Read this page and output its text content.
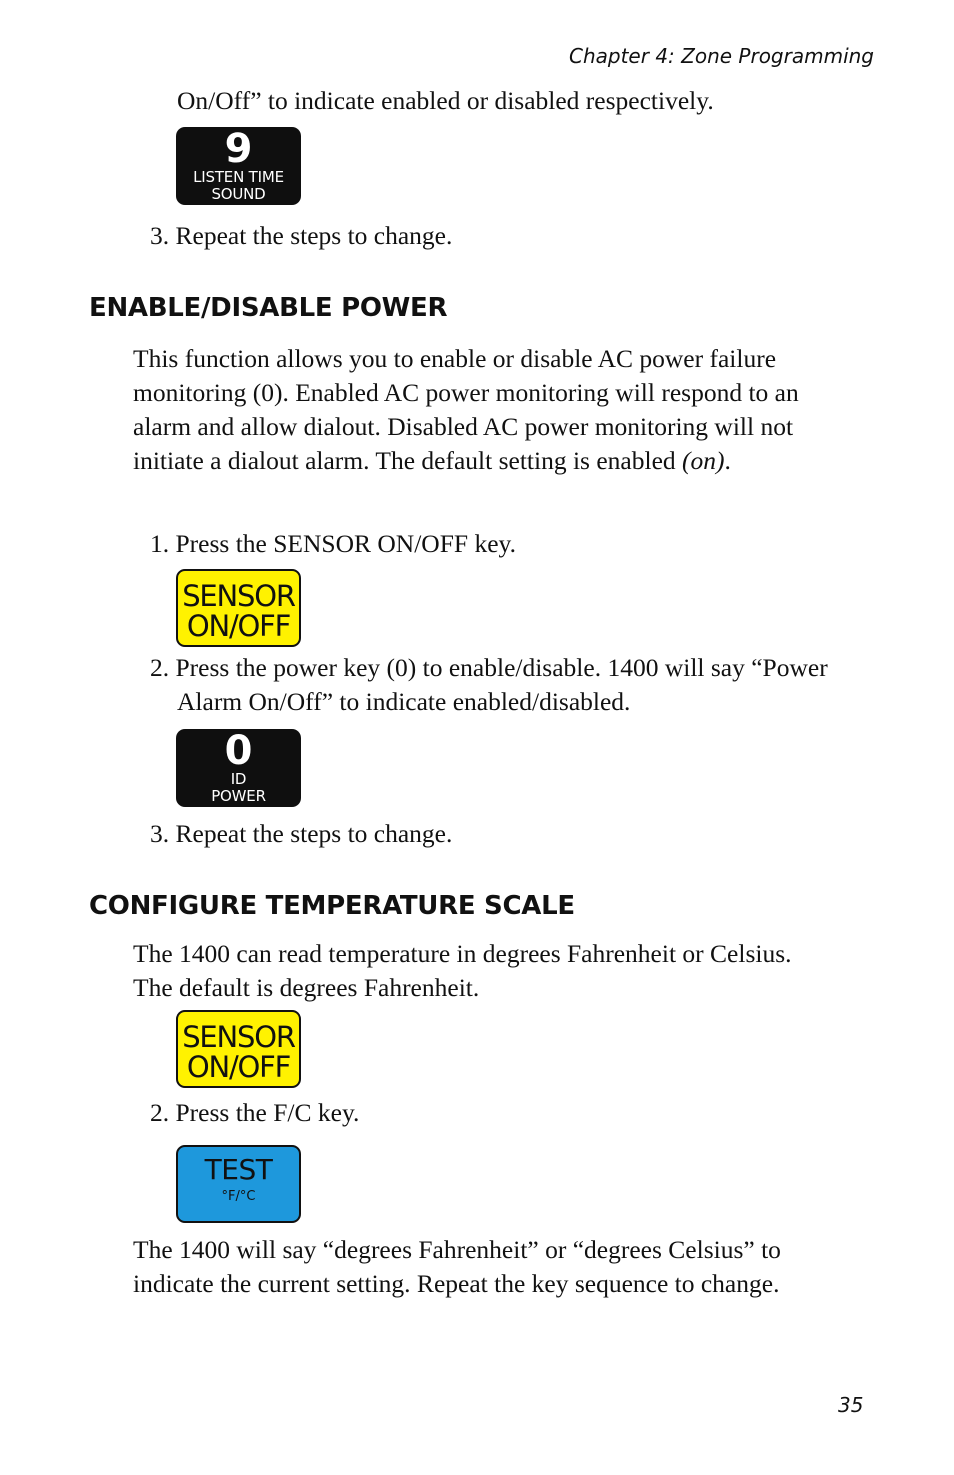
Chapter 4: Zone Programming
On/Off” to indicate enabled or disabled respectively.
9
LISTEN TIME
SOUND
3. Repeat the steps to change.
ENABLE/DISABLE POWER
This function allows you to enable or disable AC power failure
monitoring (0). Enabled AC power monitoring will respond to an
alarm and allow dialout. Disabled AC power monitoring will not
initiate a dialout alarm. The default setting is enabled (on).
1. Press the SENSOR ON/OFF key.
SENSOR
ON/OFF
2. Press the power key (0) to enable/disable. 1400 will say “Power
Alarm On/Off” to indicate enabled/disabled.
0
ID
POWER
3. Repeat the steps to change.
CONFIGURE TEMPERATURE SCALE
The 1400 can read temperature in degrees Fahrenheit or Celsius.
The default is degrees Fahrenheit.
SENSOR
ON/OFF
2. Press the F/C key.
TEST
°F/°C
The 1400 will say “degrees Fahrenheit” or “degrees Celsius” to
indicate the current setting. Repeat the key sequence to change.
35
